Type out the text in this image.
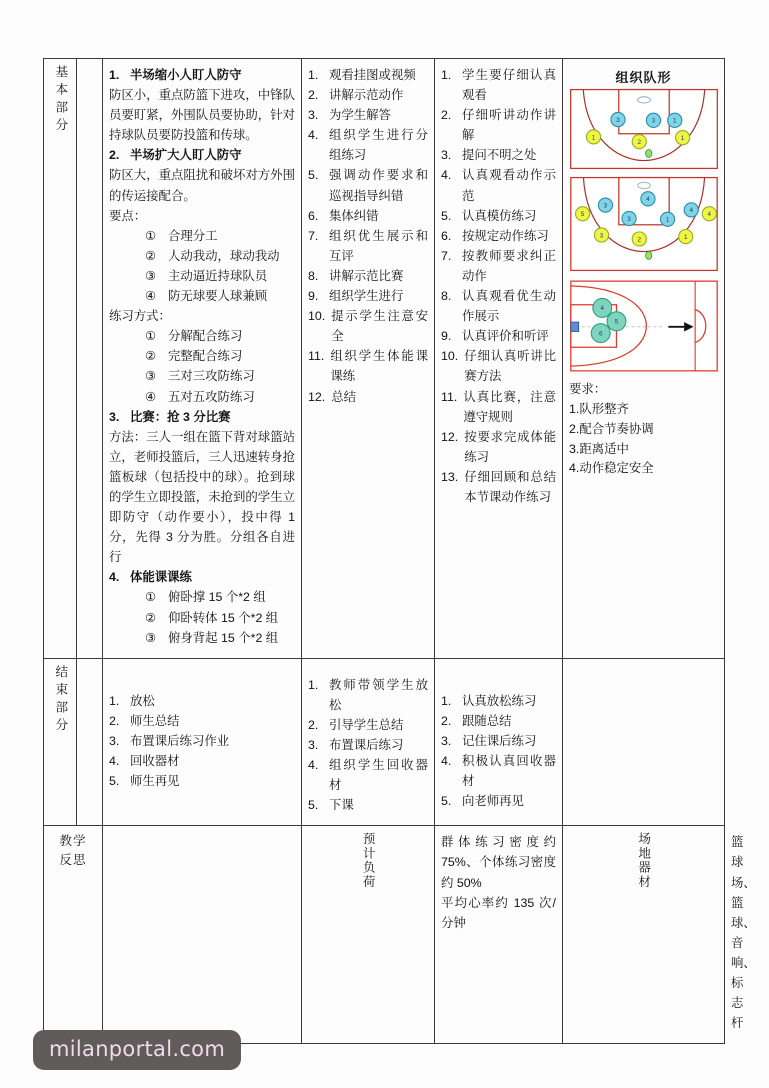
基本部分		1. 半场缩小人盯人防守

防区小，重点防篮下进攻，中锋队员要盯紧，外围队员要协助，针对持球队员要防投篮和传球。

2. 半场扩大人盯人防守

防区大，重点阻扰和破坏对方外围的传运接配合。

要点：

① 合理分工
② 人动我动，球动我动
③ 主动逼近持球队员
④ 防无球要人球兼顾

练习方式：

① 分解配合练习
② 完整配合练习
③ 三对三攻防练习
④ 五对五攻防练习
3. 比赛：抢 3 分比赛

方法：三人一组在篮下背对球篮站立，老师投篮后，三人迅速转身抢篮板球（包括投中的球）。抢到球的学生立即投篮，未抢到的学生立即防守（动作要小），投中得 1 分，先得 3 分为胜。分组各自进行

4. 体能课课练
① 俯卧撑 15 个*2 组
② 仰卧转体 15 个*2 组
③ 俯身背起 15 个*2 组

1. 观看挂图或视频
2. 讲解示范动作
3. 为学生解答
4. 组织学生进行分组练习
5. 强调动作要求和巡视指导纠错
6. 集体纠错
7. 组织优生展示和互评
8. 讲解示范比赛
9. 组织学生进行
10. 提示学生注意安全
11. 组织学生体能课课练
12. 总结

1. 学生要仔细认真观看
2. 仔细听讲动作讲解
3. 提问不明之处
4. 认真观看动作示范
5. 认真模仿练习
6. 按规定动作练习
7. 按教师要求纠正动作
8. 认真观看优生动作展示
9. 认真评价和听评
10. 仔细认真听讲比赛方法
11. 认真比赛，注意遵守规则
12. 按要求完成体能练习
13. 仔细回顾和总结本节课动作练习

组织队形
3	3 1
1
2
1
3
4
3	1
4
5
3
2	1
4
4
5
6
要求：
1.队形整齐
2.配合节奏协调
3.距离适中
4.动作稳定安全

结束部分		1. 放松
2. 师生总结
3. 布置课后练习作业
4. 回收器材
5. 师生再见

1. 教师带领学生放松
2. 引导学生总结
3. 布置课后练习
4. 组织学生回收器材
5. 下课

1. 认真放松练习
2. 跟随总结
3. 记住课后练习
4. 积极认真回收器材
5. 向老师再见

教学
反思		预计负荷	群体练习密度约 75%、个体练习密度约 50%
平均心率约 135 次/分钟

场地器材	篮球场、篮球、音响、标志杆
milanportal.com
